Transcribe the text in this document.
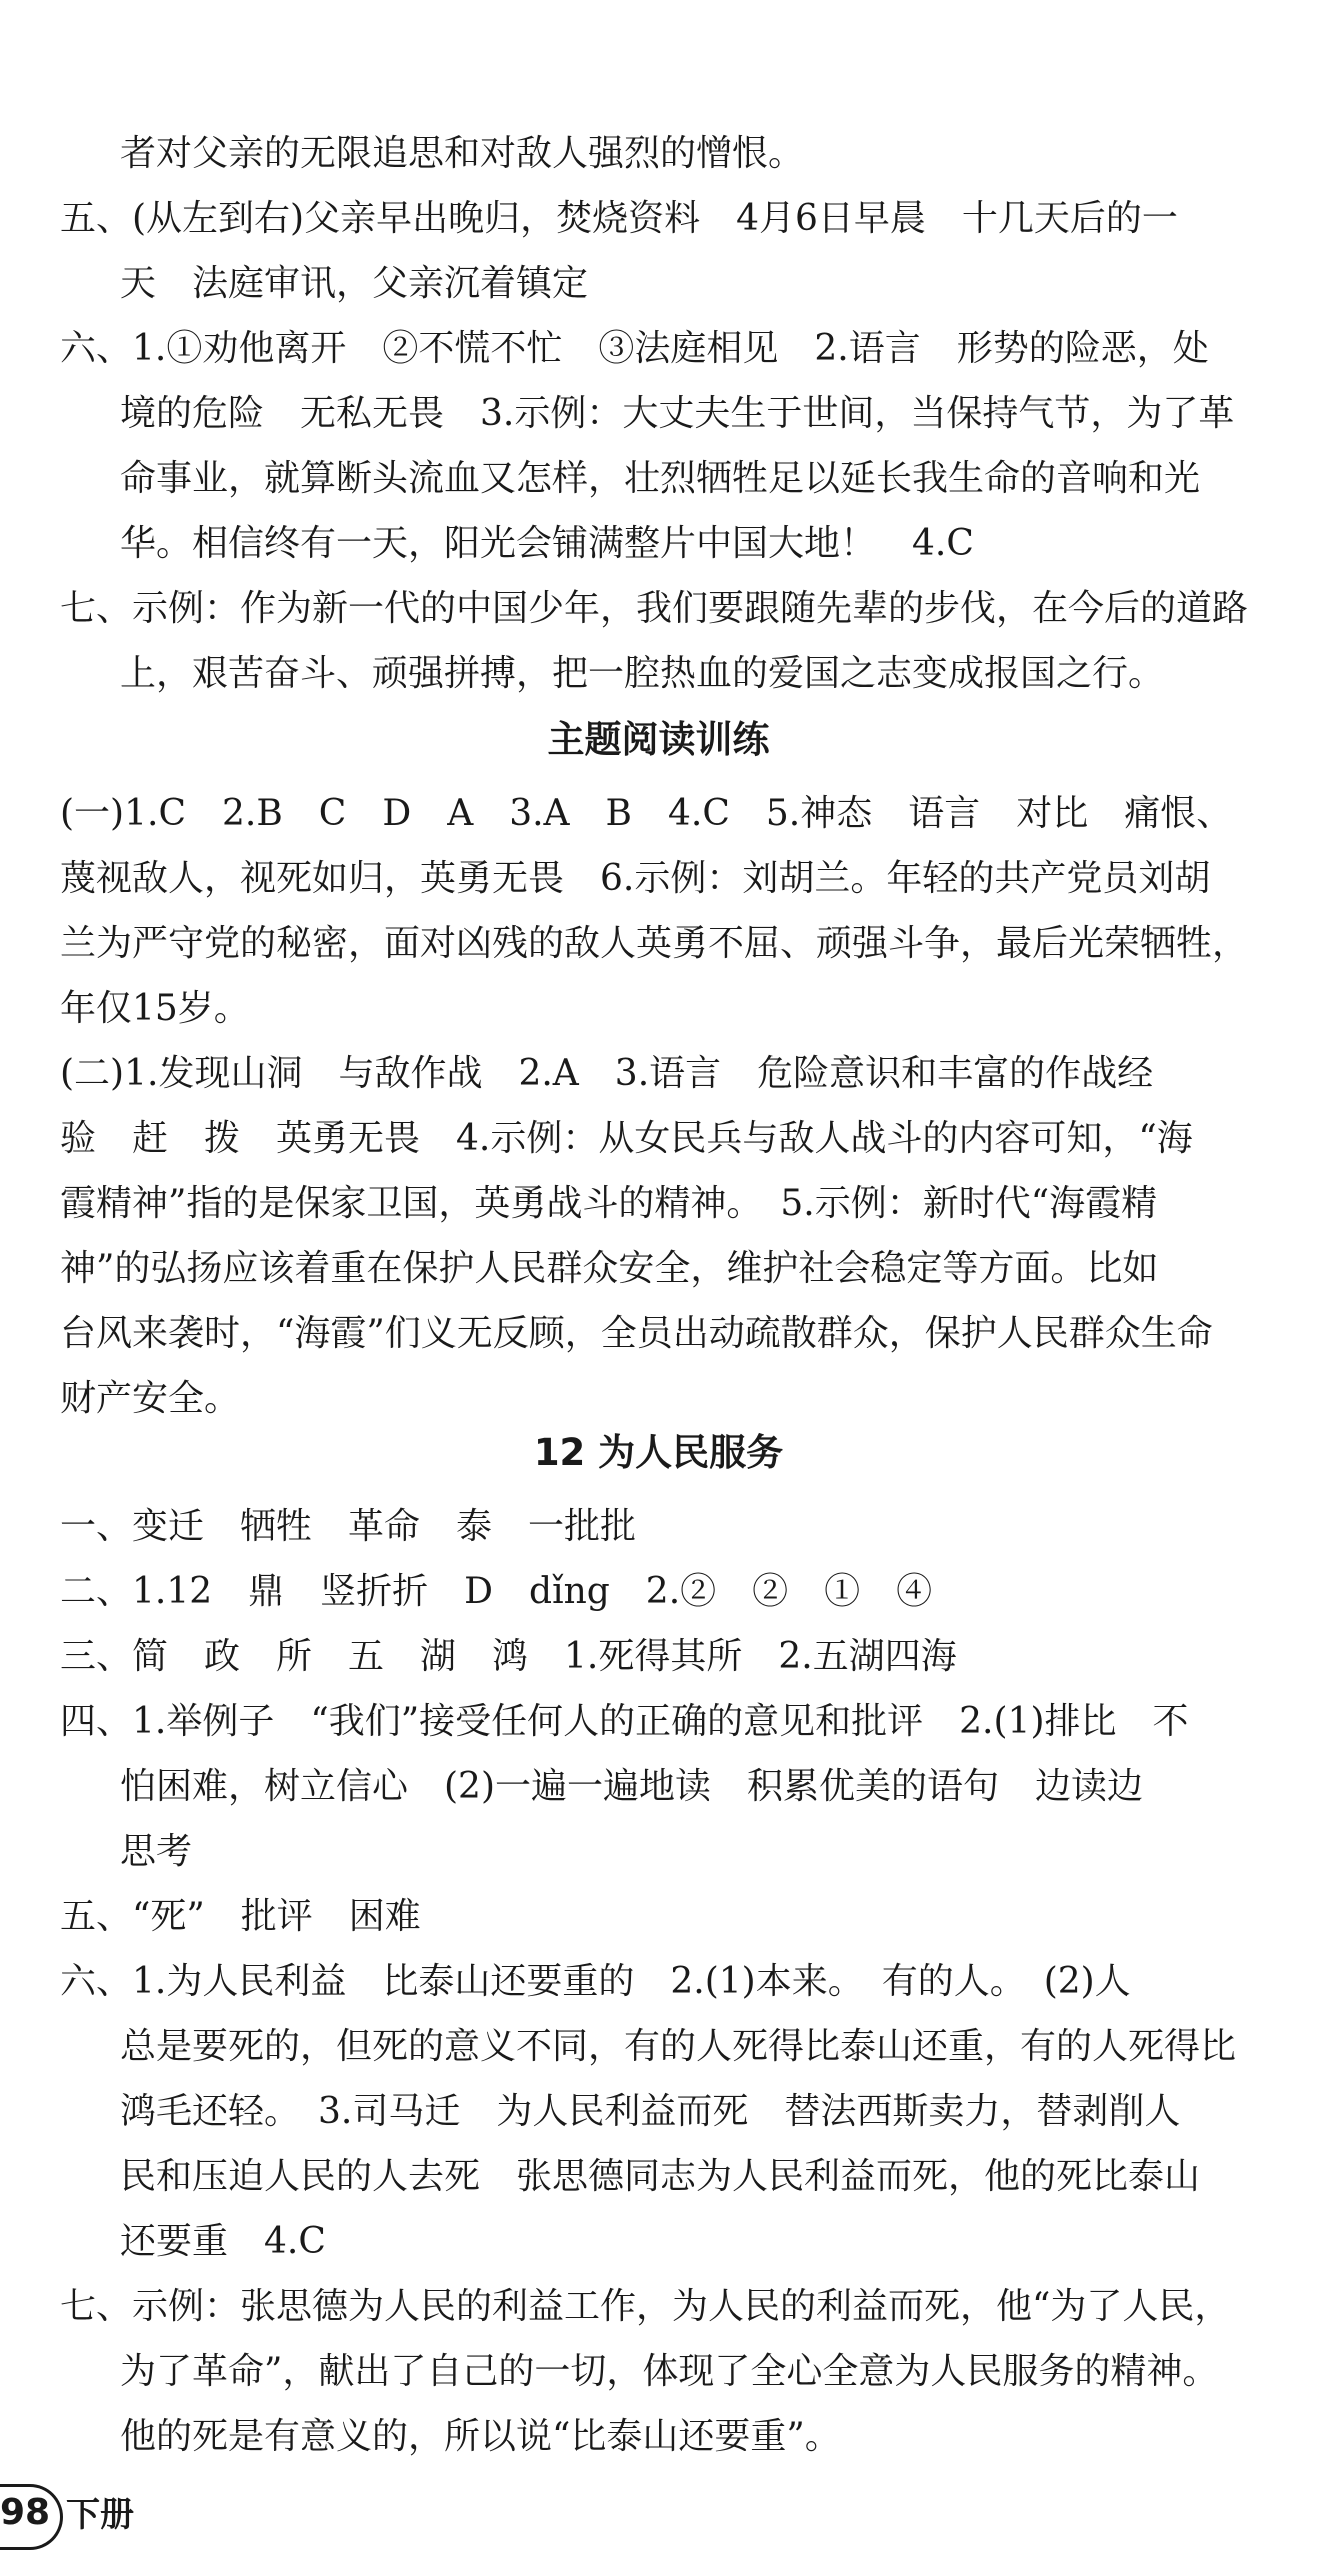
者对父亲的无限追思和对敌人强烈的憎恨。
五、(从左到右)父亲早出晚归，焚烧资料　4月6日早晨　十几天后的一
天　法庭审讯，父亲沉着镇定
六、1.①劝他离开　②不慌不忙　③法庭相见　2.语言　形势的险恶，处
境的危险　无私无畏　3.示例：大丈夫生于世间，当保持气节，为了革
命事业，就算断头流血又怎样，壮烈牺牲足以延长我生命的音响和光
华。相信终有一天，阳光会铺满整片中国大地！　4.C
七、示例：作为新一代的中国少年，我们要跟随先辈的步伐，在今后的道路
上，艰苦奋斗、顽强拼搏，把一腔热血的爱国之志变成报国之行。
主题阅读训练
(一)1.C　2.B　C　D　A　3.A　B　4.C　5.神态　语言　对比　痛恨、
蔑视敌人，视死如归，英勇无畏　6.示例：刘胡兰。年轻的共产党员刘胡
兰为严守党的秘密，面对凶残的敌人英勇不屈、顽强斗争，最后光荣牺牲，
年仅15岁。
(二)1.发现山洞　与敌作战　2.A　3.语言　危险意识和丰富的作战经
验　赶　拨　英勇无畏　4.示例：从女民兵与敌人战斗的内容可知，“海
霞精神”指的是保家卫国，英勇战斗的精神。　5.示例：新时代“海霞精
神”的弘扬应该着重在保护人民群众安全，维护社会稳定等方面。比如
台风来袭时，“海霞”们义无反顾，全员出动疏散群众，保护人民群众生命
财产安全。
12 为人民服务
一、变迁　牺牲　革命　泰　一批批
二、1.12　鼎　竖折折　D　dǐng　2.②　②　①　④
三、简　政　所　五　湖　鸿　1.死得其所　2.五湖四海
四、1.举例子　“我们”接受任何人的正确的意见和批评　2.(1)排比　不
怕困难，树立信心　(2)一遍一遍地读　积累优美的语句　边读边
思考
五、“死”　批评　困难
六、1.为人民利益　比泰山还要重的　2.(1)本来。　有的人。　(2)人
总是要死的，但死的意义不同，有的人死得比泰山还重，有的人死得比
鸿毛还轻。　3.司马迁　为人民利益而死　替法西斯卖力，替剥削人
民和压迫人民的人去死　张思德同志为人民利益而死，他的死比泰山
还要重　4.C
七、示例：张思德为人民的利益工作，为人民的利益而死，他“为了人民，
为了革命”，献出了自己的一切，体现了全心全意为人民服务的精神。
他的死是有意义的，所以说“比泰山还要重”。
98 下册
